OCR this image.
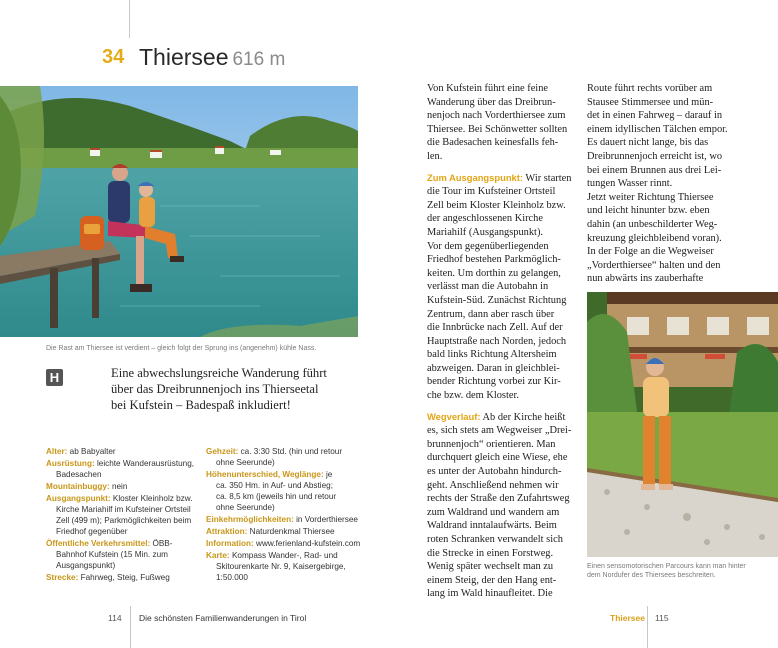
34 Thiersee 616 m
Die Rast am Thiersee ist verdient – gleich folgt der Sprung ins (angenehm) kühle Nass.
H	Eine abwechslungsreiche Wanderung führt
über das Dreibrunnenjoch ins Thierseetal
bei Kufstein – Badespaß inkludiert!

Alter: ab Babyalter

Ausrüstung: leichte Wanderausrüstung,
Badesachen

Mountainbuggy: nein

Ausgangspunkt: Kloster Kleinholz bzw.
Kirche Mariahilf im Kufsteiner Ortsteil
Zell (499 m); Parkmöglichkeiten beim
Friedhof gegenüber

Öffentliche Verkehrsmittel: ÖBB-
Bahnhof Kufstein (15 Min. zum
Ausgangspunkt)

Strecke: Fahrweg, Steig, Fußweg

Gehzeit: ca. 3:30 Std. (hin und retour
ohne Seerunde)

Höhenunterschied, Weglänge: je
ca. 350 Hm. in Auf- und Abstieg;
ca. 8,5 km (jeweils hin und retour
ohne Seerunde)

Einkehrmöglichkeiten: in Vorderthiersee

Attraktion: Naturdenkmal Thiersee

Information: www.ferienland-kufstein.com

Karte: Kompass Wander-, Rad- und
Skitourenkarte Nr. 9, Kaisergebirge,
1:50.000

Von Kufstein führt eine feine
Wanderung über das Dreibrun-
nenjoch nach Vorderthiersee zum
Thiersee. Bei Schönwetter sollten
die Badesachen keinesfalls feh-
len.
Zum Ausgangspunkt: Wir starten
die Tour im Kufsteiner Ortsteil
Zell beim Kloster Kleinholz bzw.
der angeschlossenen Kirche
Mariahilf (Ausgangspunkt).
Vor dem gegenüberliegenden
Friedhof bestehen Parkmöglich-
keiten. Um dorthin zu gelangen,
verlässt man die Autobahn in
Kufstein-Süd. Zunächst Richtung
Zentrum, dann aber rasch über
die Innbrücke nach Zell. Auf der
Hauptstraße nach Norden, jedoch
bald links Richtung Altersheim
abzweigen. Daran in gleichblei-
bender Richtung vorbei zur Kir-
che bzw. dem Kloster.
Wegverlauf: Ab der Kirche heißt
es, sich stets am Wegweiser „Drei-
brunnenjoch“ orientieren. Man
durchquert gleich eine Wiese, ehe
es unter der Autobahn hindurch-
geht. Anschließend nehmen wir
rechts der Straße den Zufahrtsweg
zum Waldrand und wandern am
Waldrand inntalaufwärts. Beim
roten Schranken verwandelt sich
die Strecke in einen Forstweg.
Wenig später wechselt man zu
einem Steig, der den Hang ent-
lang im Wald hinaufleitet. Die
Route führt rechts vorüber am
Stausee Stimmersee und mün-
det in einen Fahrweg – darauf in
einem idyllischen Tälchen empor.
Es dauert nicht lange, bis das
Dreibrunnenjoch erreicht ist, wo
bei einem Brunnen aus drei Lei-
tungen Wasser rinnt.
Jetzt weiter Richtung Thiersee
und leicht hinunter bzw. eben
dahin (an unbeschilderter Weg-
kreuzung gleichbleibend voran).
In der Folge an die Wegweiser
„Vorderthiersee“ halten und den
nun abwärts ins zauberhafte
Einen sensomotorischen Parcours kann man hinter
dem Nordufer des Thiersees beschreiten.
114 Die schönsten Familienwanderungen in Tirol	Thiersee 115
